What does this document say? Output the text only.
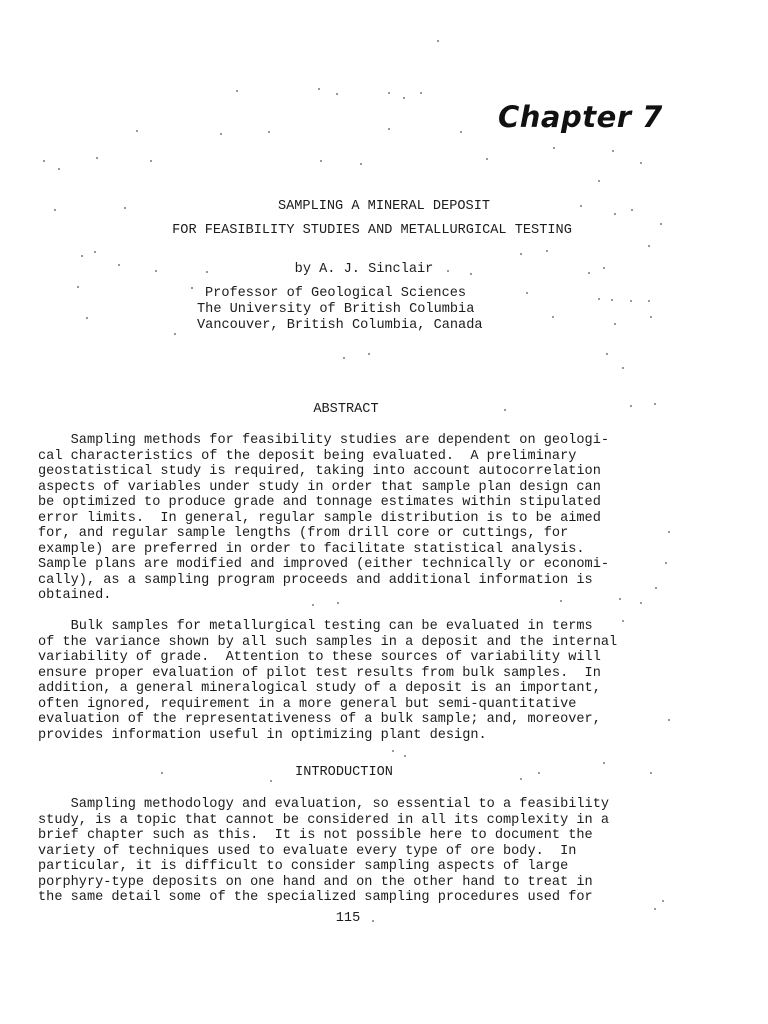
Chapter 7
SAMPLING A MINERAL DEPOSIT
FOR FEASIBILITY STUDIES AND METALLURGICAL TESTING
by A. J. Sinclair
Professor of Geological Sciences
The University of British Columbia
Vancouver, British Columbia, Canada
ABSTRACT
Sampling methods for feasibility studies are dependent on geologi-
cal characteristics of the deposit being evaluated.  A preliminary
geostatistical study is required, taking into account autocorrelation
aspects of variables under study in order that sample plan design can
be optimized to produce grade and tonnage estimates within stipulated
error limits.  In general, regular sample distribution is to be aimed
for, and regular sample lengths (from drill core or cuttings, for
example) are preferred in order to facilitate statistical analysis.
Sample plans are modified and improved (either technically or economi-
cally), as a sampling program proceeds and additional information is
obtained.
Bulk samples for metallurgical testing can be evaluated in terms
of the variance shown by all such samples in a deposit and the internal
variability of grade.  Attention to these sources of variability will
ensure proper evaluation of pilot test results from bulk samples.  In
addition, a general mineralogical study of a deposit is an important,
often ignored, requirement in a more general but semi-quantitative
evaluation of the representativeness of a bulk sample; and, moreover,
provides information useful in optimizing plant design.
INTRODUCTION
Sampling methodology and evaluation, so essential to a feasibility
study, is a topic that cannot be considered in all its complexity in a
brief chapter such as this.  It is not possible here to document the
variety of techniques used to evaluate every type of ore body.  In
particular, it is difficult to consider sampling aspects of large
porphyry-type deposits on one hand and on the other hand to treat in
the same detail some of the specialized sampling procedures used for
115
